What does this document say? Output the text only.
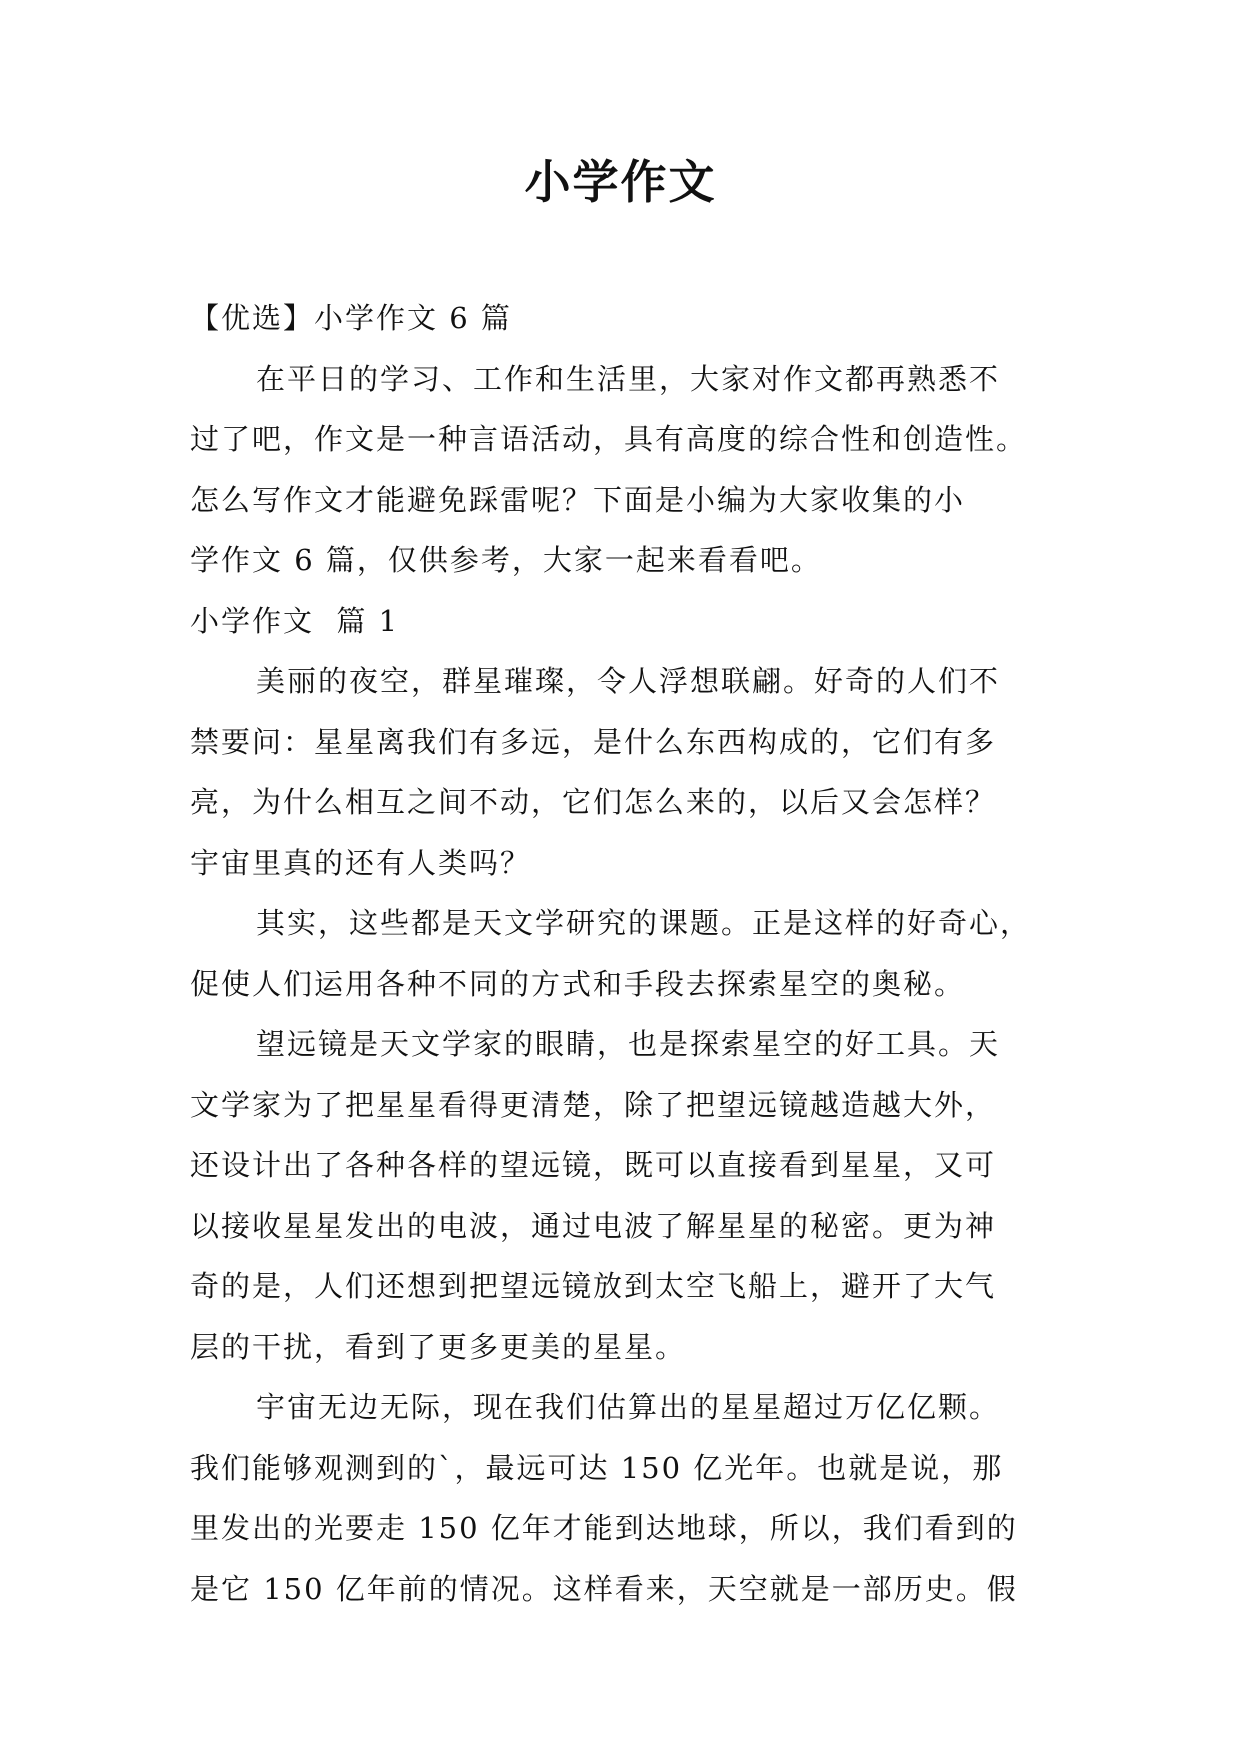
小学作文

【优选】小学作文 6 篇

在平日的学习、工作和生活里，大家对作文都再熟悉不

过了吧，作文是一种言语活动，具有高度的综合性和创造性。

怎么写作文才能避免踩雷呢？下面是小编为大家收集的小

学作文 6 篇，仅供参考，大家一起来看看吧。

小学作文  篇 1

美丽的夜空，群星璀璨，令人浮想联翩。好奇的人们不

禁要问：星星离我们有多远，是什么东西构成的，它们有多

亮，为什么相互之间不动，它们怎么来的，以后又会怎样？

宇宙里真的还有人类吗？

其实，这些都是天文学研究的课题。正是这样的好奇心，

促使人们运用各种不同的方式和手段去探索星空的奥秘。

望远镜是天文学家的眼睛，也是探索星空的好工具。天

文学家为了把星星看得更清楚，除了把望远镜越造越大外，

还设计出了各种各样的望远镜，既可以直接看到星星，又可

以接收星星发出的电波，通过电波了解星星的秘密。更为神

奇的是，人们还想到把望远镜放到太空飞船上，避开了大气

层的干扰，看到了更多更美的星星。

宇宙无边无际，现在我们估算出的星星超过万亿亿颗。

我们能够观测到的`，最远可达 150 亿光年。也就是说，那

里发出的光要走 150 亿年才能到达地球，所以，我们看到的

是它 150 亿年前的情况。这样看来，天空就是一部历史。假
